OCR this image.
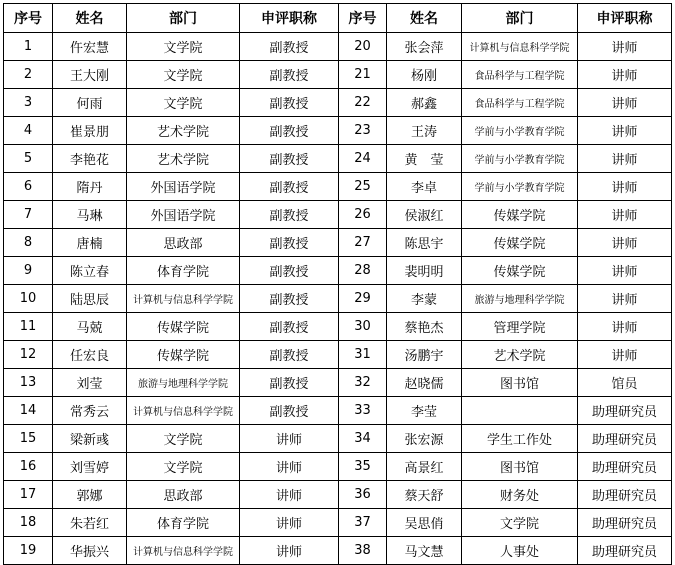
序号	姓名	部门	申评职称	序号	姓名	部门	申评职称
1	仵宏慧	文学院	副教授	20	张会萍	计算机与信息科学学院	讲师
2	王大刚	文学院	副教授	21	杨刚	食品科学与工程学院	讲师
3	何雨	文学院	副教授	22	郝鑫	食品科学与工程学院	讲师
4	崔景朋	艺术学院	副教授	23	王涛	学前与小学教育学院	讲师
5	李艳花	艺术学院	副教授	24	黄　莹	学前与小学教育学院	讲师
6	隋丹	外国语学院	副教授	25	李卓	学前与小学教育学院	讲师
7	马琳	外国语学院	副教授	26	侯淑红	传媒学院	讲师
8	唐楠	思政部	副教授	27	陈思宇	传媒学院	讲师
9	陈立春	体育学院	副教授	28	裴明明	传媒学院	讲师
10	陆思辰	计算机与信息科学学院	副教授	29	李蒙	旅游与地理科学学院	讲师
11	马兢	传媒学院	副教授	30	蔡艳杰	管理学院	讲师
12	任宏良	传媒学院	副教授	31	汤鹏宇	艺术学院	讲师
13	刘莹	旅游与地理科学学院	副教授	32	赵晓儒	图书馆	馆员
14	常秀云	计算机与信息科学学院	副教授	33	李莹		助理研究员
15	梁新彧	文学院	讲师	34	张宏源	学生工作处	助理研究员
16	刘雪婷	文学院	讲师	35	高景红	图书馆	助理研究员
17	郭娜	思政部	讲师	36	蔡天舒	财务处	助理研究员
18	朱若红	体育学院	讲师	37	吴思俏	文学院	助理研究员
19	华振兴	计算机与信息科学学院	讲师	38	马文慧	人事处	助理研究员
